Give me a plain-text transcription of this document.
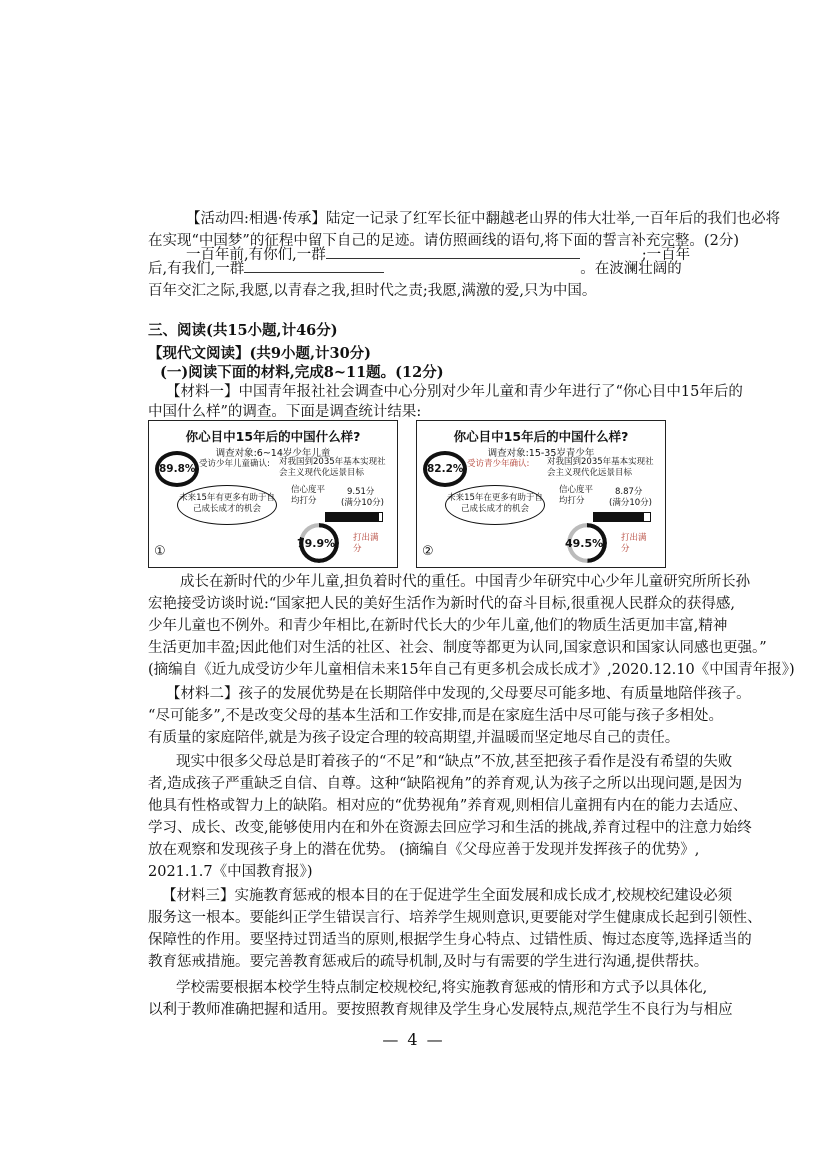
【活动四:相遇·传承】陆定一记录了红军长征中翻越老山界的伟大壮举,一百年后的我们也必将
在实现“中国梦”的征程中留下自己的足迹。请仿照画线的语句,将下面的誓言补充完整。(2分)
一百年前,有你们,一群	;一百年
后,有我们,一群	。在波澜壮阔的
百年交汇之际,我愿,以青春之我,担时代之责;我愿,满激的爱,只为中国。
三、阅读(共15小题,计46分)
【现代文阅读】(共9小题,计30分)
(一)阅读下面的材料,完成8~11题。(12分)
【材料一】中国青年报社社会调查中心分别对少年儿童和青少年进行了“你心目中15年后的
中国什么样”的调查。下面是调查统计结果:
你心目中15年后的中国什么样?
调查对象:6~14岁少年儿童
89.8% 受访少年儿童确认: 对我国到2035年基本实现社会主义现代化远景目标
未来15年有更多有助于自己成长成才的机会
信心度平均打分
9.51分
(满分10分)
79.9% 打出满分
①
你心目中15年后的中国什么样?
调查对象:15-35岁青少年
82.2% 受访青少年确认: 对我国到2035年基本实现社会主义现代化远景目标
未来15年在更多有助于自己成长成才的机会
信心度平均打分
8.87分
(满分10分)
49.5% 打出满分
②
成长在新时代的少年儿童,担负着时代的重任。中国青少年研究中心少年儿童研究所所长孙
宏艳接受访谈时说:“国家把人民的美好生活作为新时代的奋斗目标,很重视人民群众的获得感,
少年儿童也不例外。和青少年相比,在新时代长大的少年儿童,他们的物质生活更加丰富,精神
生活更加丰盈;因此他们对生活的社区、社会、制度等都更为认同,国家意识和国家认同感也更强。”
(摘编自《近九成受访少年儿童相信未来15年自己有更多机会成长成才》,2020.12.10《中国青年报》)
【材料二】孩子的发展优势是在长期陪伴中发现的,父母要尽可能多地、有质量地陪伴孩子。
“尽可能多”,不是改变父母的基本生活和工作安排,而是在家庭生活中尽可能与孩子多相处。
有质量的家庭陪伴,就是为孩子设定合理的较高期望,并温暖而坚定地尽自己的责任。
现实中很多父母总是盯着孩子的“不足”和“缺点”不放,甚至把孩子看作是没有希望的失败
者,造成孩子严重缺乏自信、自尊。这种“缺陷视角”的养育观,认为孩子之所以出现问题,是因为
他具有性格或智力上的缺陷。相对应的“优势视角”养育观,则相信儿童拥有内在的能力去适应、
学习、成长、改变,能够使用内在和外在资源去回应学习和生活的挑战,养育过程中的注意力始终
放在观察和发现孩子身上的潜在优势。 (摘编自《父母应善于发现并发挥孩子的优势》,
2021.1.7《中国教育报》)
【材料三】实施教育惩戒的根本目的在于促进学生全面发展和成长成才,校规校纪建设必须
服务这一根本。要能纠正学生错误言行、培养学生规则意识,更要能对学生健康成长起到引领性、
保障性的作用。要坚持过罚适当的原则,根据学生身心特点、过错性质、悔过态度等,选择适当的
教育惩戒措施。要完善教育惩戒后的疏导机制,及时与有需要的学生进行沟通,提供帮扶。
学校需要根据本校学生特点制定校规校纪,将实施教育惩戒的情形和方式予以具体化,
以利于教师准确把握和适用。要按照教育规律及学生身心发展特点,规范学生不良行为与相应
— 4 —
